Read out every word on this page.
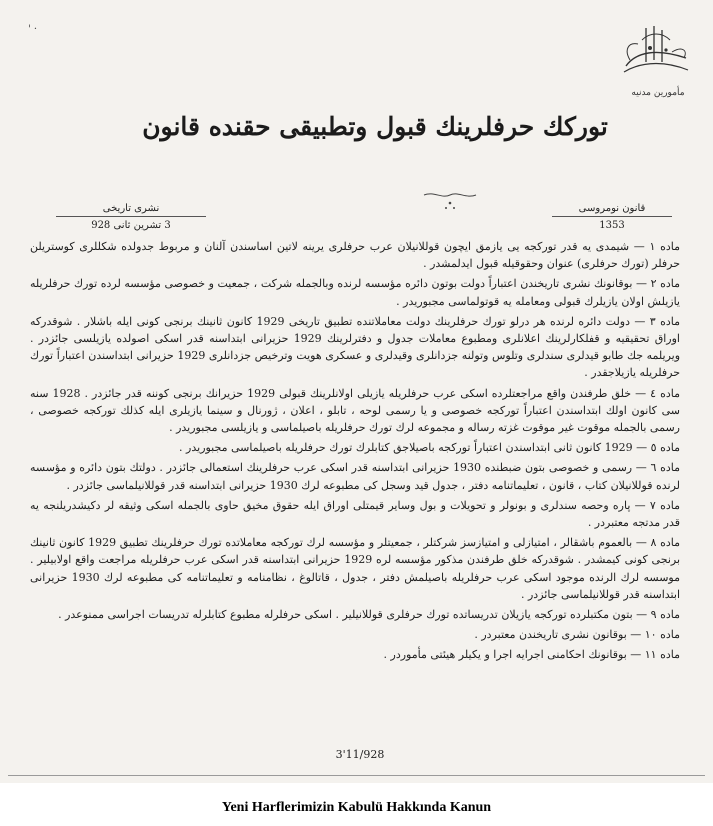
' ·
مأمورين مدنيه
توركك حرفلرينك قبول وتطبيقى حقنده قانون
نشرى تاريخى
3 تشرين ثانى 928
قانون نومروسى
1353

ماده ١ — شيمدى يه قدر توركجه يى يازمق ايچون قوللانيلان عرب حرفلرى يرينه لاتين اساسندن آلنان و مربوط جدولده شكللرى كوستريلن حرفلر (تورك حرفلرى) عنوان وحقوقيله قبول ايدلمشدر .

ماده ٢ — بوقانونك نشرى تاريخندن اعتباراً دولت بوتون دائره مؤسسه لرنده وبالجمله شركت ، جمعيت و خصوصى مؤسسه لرده تورك حرفلريله يازيلش اولان يازيلرك قبولى ومعامله يه قوتولماسى مجبوريدر .

ماده ٣ — دولت دائره لرنده هر درلو تورك حرفلرينك دولت معاملاتنده تطبيق تاريخى 1929 كانون ثانينك برنجى كونى ايله باشلار . شوقدركه اوراق تحقيقيه و قفلكارلرينك اعلانلرى ومطبوع معاملات جدول و دفترلرينك 1929 حزيرانى ابتداسنه قدر اسكى اصولده يازيلسى جائزدر . ويريلمه جك طابو قيدلرى سندلرى وتلوس وتولنه جزدانلرى وقيدلرى و عسكرى هويت وترخيص جزدانلرى 1929 حزيرانى ابتداسندن اعتباراً تورك حرفلريله يازيلاجقدر .

ماده ٤ — خلق طرفندن واقع مراجعتلرده اسكى عرب حرفلريله يازيلى اولانلرينك قبولى 1929 حزيرانك برنجى كوننه قدر جائزدر . 1928 سنه سى كانون اولك ابتداسندن اعتباراً توركجه خصوصى و يا رسمى لوحه ، تابلو ، اعلان ، ژورنال و سينما يازيلرى ايله كذلك توركجه خصوصى ، رسمى بالجمله موقوت غير موقوت غزته رساله و مجموعه لرك تورك حرفلريله باصيلماسى و يازيلسى مجبوريدر .

ماده ٥ — 1929 كانون ثانى ابتداسندن اعتباراً توركجه باصيلاجق كتابلرك تورك حرفلريله باصيلماسى مجبوريدر .

ماده ٦ — رسمى و خصوصى بتون ضبطنده 1930 حزيرانى ابتداسنه قدر اسكى عرب حرفلرينك استعمالى جائزدر . دولتك بتون دائره و مؤسسه لرنده قوللانيلان كتاب ، قانون ، تعليماتنامه دفتر ، جدول قيد وسجل كى مطبوعه لرك 1930 حزيرانى ابتداسنه قدر قوللانيلماسى جائزدر .

ماده ٧ — پاره وحصه سندلرى و بونولر و تحويلات و بول وساير قيمتلى اوراق ايله حقوق مخيق حاوى بالجمله اسكى وثيقه لر دكيشدريلنجه يه قدر مدتجه معتبردر .

ماده ٨ — بالعموم باشقالر ، امتيازلى و امتيازسز شركتلر ، جمعيتلر و مؤسسه لرك توركجه معاملاتده تورك حرفلرينك تطبيق 1929 كانون ثانينك برنجى كونى كيمشدر . شوقدركه خلق طرفندن مذكور مؤسسه لره 1929 حزيرانى ابتداسنه قدر اسكى عرب حرفلريله مراجعت واقع اولابيلير . موسسه لرك الرنده موجود اسكى عرب حرفلريله باصيلمش دفتر ، جدول ، قاتالوغ ، نظامنامه و تعليماتنامه كى مطبوعه لرك 1930 حزيرانى ابتداسنه قدر قوللانيلماسى جائزدر .

ماده ٩ — بتون مكتبلرده توركجه يازيلان تدريساتده تورك حرفلرى قوللانيلير . اسكى حرفلرله مطبوع كتابلرله تدريسات اجراسى ممنوعدر .

ماده ١٠ — بوقانون نشرى تاريخندن معتبردر .

ماده ١١ — بوقانونك احكامنى اجرايه اجرا و يكيلر هيئتى مأموردر .

3'11/928
Yeni Harflerimizin Kabulü Hakkında Kanun
